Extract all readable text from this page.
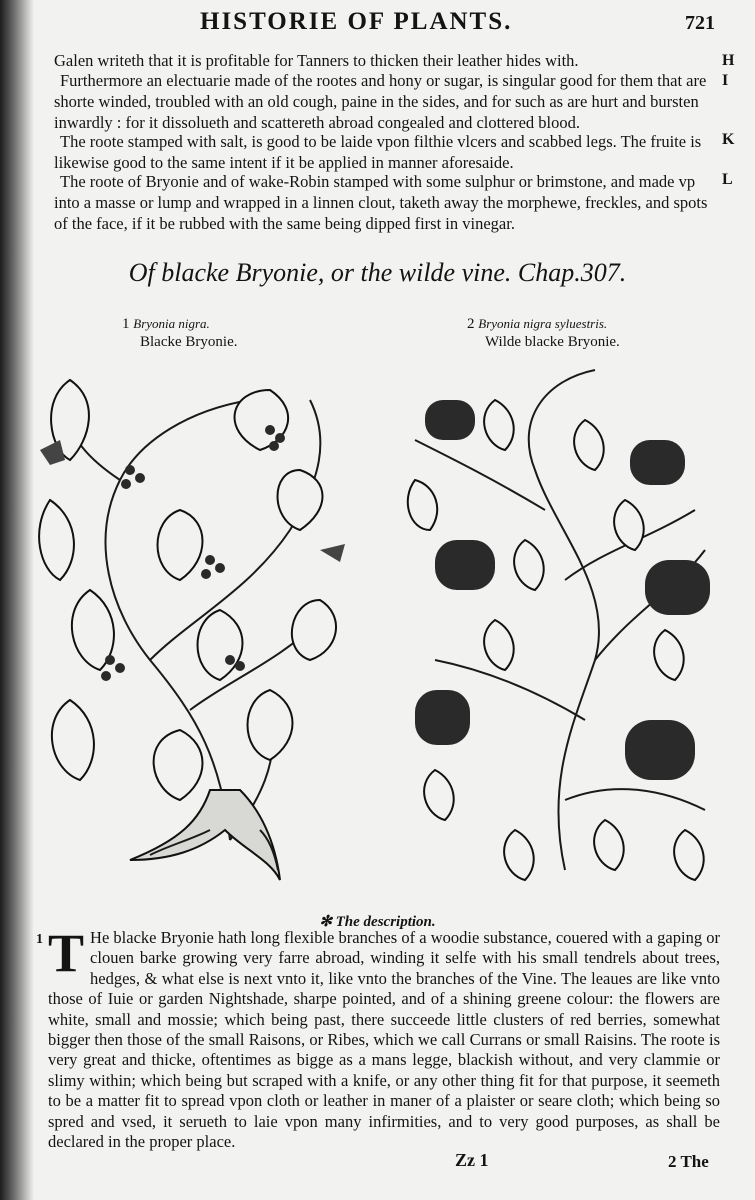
HISTORIE OF PLANTS.	721
Galen writeth that it is profitable for Tanners to thicken their leather hides with.
Furthermore an electuarie made of the rootes and hony or sugar, is singular good for them that are shorte winded, troubled with an old cough, paine in the sides, and for such as are hurt and bursten inwardly : for it dissolueth and scattereth abroad congealed and clottered blood.
The roote stamped with salt, is good to be laide vpon filthie vlcers and scabbed legs. The fruite is likewise good to the same intent if it be applied in manner aforesaide.
The roote of Bryonie and of wake-Robin stamped with some sulphur or brimstone, and made vp into a masse or lump and wrapped in a linnen clout, taketh away the morphewe, freckles, and spots of the face, if it be rubbed with the same being dipped first in vinegar.
H
I
K
L
Of blacke Bryonie, or the wilde vine. Chap.307.
1 Bryonia nigra.
Blacke Bryonie.
2 Bryonia nigra syluestris.
Wilde blacke Bryonie.
✻ The description.
1 T He blacke Bryonie hath long flexible branches of a woodie substance, couered with a gaping or clouen barke growing very farre abroad, winding it selfe with his small tendrels about trees, hedges, & what else is next vnto it, like vnto the branches of the Vine. The leaues are like vnto those of Iuie or garden Nightshade, sharpe pointed, and of a shining greene colour: the flowers are white, small and mossie; which being past, there succeede little clusters of red berries, somewhat bigger then those of the small Raisons, or Ribes, which we call Currans or small Raisins. The roote is very great and thicke, oftentimes as bigge as a mans legge, blackish without, and very clammie or slimy within; which being but scraped with a knife, or any other thing fit for that purpose, it seemeth to be a matter fit to spread vpon cloth or leather in maner of a plaister or seare cloth; which being so spred and vsed, it serueth to laie vpon many infirmities, and to very good purposes, as shall be declared in the proper place.
Zz 1	2 The
